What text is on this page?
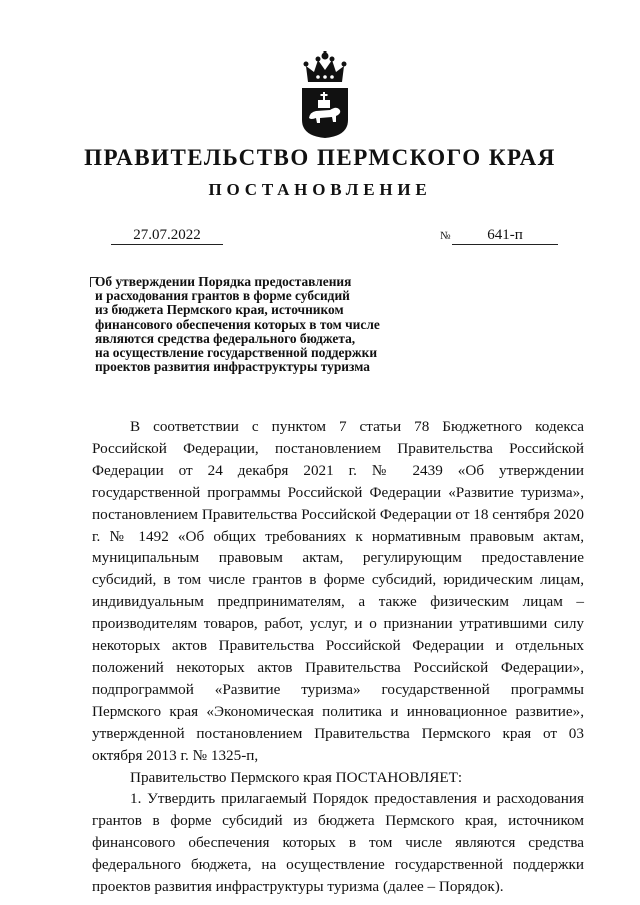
ПРАВИТЕЛЬСТВО ПЕРМСКОГО КРАЯ
ПОСТАНОВЛЕНИЕ
27.07.2022	№	641-п
Об утверждении Порядка предоставления
и расходования грантов в форме субсидий
из бюджета Пермского края, источником
финансового обеспечения которых в том числе
являются средства федерального бюджета,
на осуществление государственной поддержки
проектов развития инфраструктуры туризма

В соответствии с пунктом 7 статьи 78 Бюджетного кодекса Российской Федерации, постановлением Правительства Российской Федерации от 24 декабря 2021 г. № 2439 «Об утверждении государственной программы Российской Федерации «Развитие туризма», постановлением Правительства Российской Федерации от 18 сентября 2020 г. № 1492 «Об общих требованиях к нормативным правовым актам, муниципальным правовым актам, регулирующим предоставление субсидий, в том числе грантов в форме субсидий, юридическим лицам, индивидуальным предпринимателям, а также физическим лицам – производителям товаров, работ, услуг, и о признании утратившими силу некоторых актов Правительства Российской Федерации и отдельных положений некоторых актов Правительства Российской Федерации», подпрограммой «Развитие туризма» государственной программы Пермского края «Экономическая политика и инновационное развитие», утвержденной постановлением Правительства Пермского края от 03 октября 2013 г. № 1325-п,

Правительство Пермского края ПОСТАНОВЛЯЕТ:

1. Утвердить прилагаемый Порядок предоставления и расходования грантов в форме субсидий из бюджета Пермского края, источником финансового обеспечения которых в том числе являются средства федерального бюджета, на осуществление государственной поддержки проектов развития инфраструктуры туризма (далее – Порядок).
